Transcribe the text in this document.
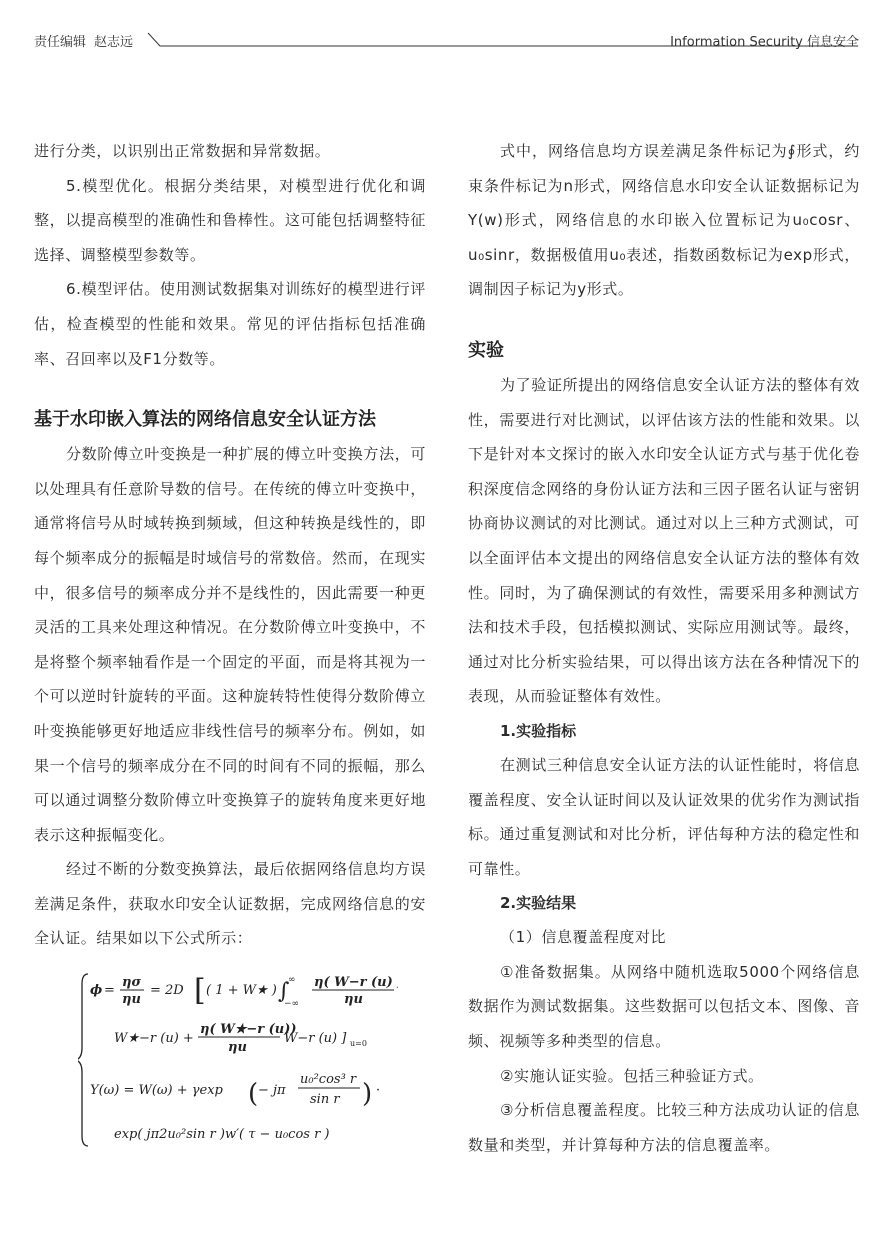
责任编辑 赵志远	Information Security 信息安全

进行分类，以识别出正常数据和异常数据。

5.模型优化。根据分类结果，对模型进行优化和调整，以提高模型的准确性和鲁棒性。这可能包括调整特征选择、调整模型参数等。

6.模型评估。使用测试数据集对训练好的模型进行评估，检查模型的性能和效果。常见的评估指标包括准确率、召回率以及F1分数等。

基于水印嵌入算法的网络信息安全认证方法

分数阶傅立叶变换是一种扩展的傅立叶变换方法，可以处理具有任意阶导数的信号。在传统的傅立叶变换中，通常将信号从时域转换到频域，但这种转换是线性的，即每个频率成分的振幅是时域信号的常数倍。然而，在现实中，很多信号的频率成分并不是线性的，因此需要一种更灵活的工具来处理这种情况。在分数阶傅立叶变换中，不是将整个频率轴看作是一个固定的平面，而是将其视为一个可以逆时针旋转的平面。这种旋转特性使得分数阶傅立叶变换能够更好地适应非线性信号的频率分布。例如，如果一个信号的频率成分在不同的时间有不同的振幅，那么可以通过调整分数阶傅立叶变换算子的旋转角度来更好地表示这种振幅变化。

经过不断的分数变换算法，最后依据网络信息均方误差满足条件，获取水印安全认证数据，完成网络信息的安全认证。结果如以下公式所示：

ϕ =
ησ
ηu
= 2D [ ( 1 + W★ ) ∫
∞
−∞
η( W−r (u) )
ηu
W★−r (u) +
η( W★−r (u))
ηu
W−r (u) ] u=0
Y(ω) = W(ω) + γexp ( − jπ
u₀²cos³ r
sin r ) ·
exp( jπ2u₀²sin r )w′( τ − u₀cos r )

式中，网络信息均方误差满足条件标记为∮形式，约束条件标记为n形式，网络信息水印安全认证数据标记为Y(w)形式，网络信息的水印嵌入位置标记为u₀cosr、u₀sinr，数据极值用u₀表述，指数函数标记为exp形式，调制因子标记为y形式。

实验

为了验证所提出的网络信息安全认证方法的整体有效性，需要进行对比测试，以评估该方法的性能和效果。以下是针对本文探讨的嵌入水印安全认证方式与基于优化卷积深度信念网络的身份认证方法和三因子匿名认证与密钥协商协议测试的对比测试。通过对以上三种方式测试，可以全面评估本文提出的网络信息安全认证方法的整体有效性。同时，为了确保测试的有效性，需要采用多种测试方法和技术手段，包括模拟测试、实际应用测试等。最终，通过对比分析实验结果，可以得出该方法在各种情况下的表现，从而验证整体有效性。

1.实验指标

在测试三种信息安全认证方法的认证性能时，将信息覆盖程度、安全认证时间以及认证效果的优劣作为测试指标。通过重复测试和对比分析，评估每种方法的稳定性和可靠性。

2.实验结果

（1）信息覆盖程度对比

①准备数据集。从网络中随机选取5000个网络信息数据作为测试数据集。这些数据可以包括文本、图像、音频、视频等多种类型的信息。

②实施认证实验。包括三种验证方式。

③分析信息覆盖程度。比较三种方法成功认证的信息数量和类型，并计算每种方法的信息覆盖率。
